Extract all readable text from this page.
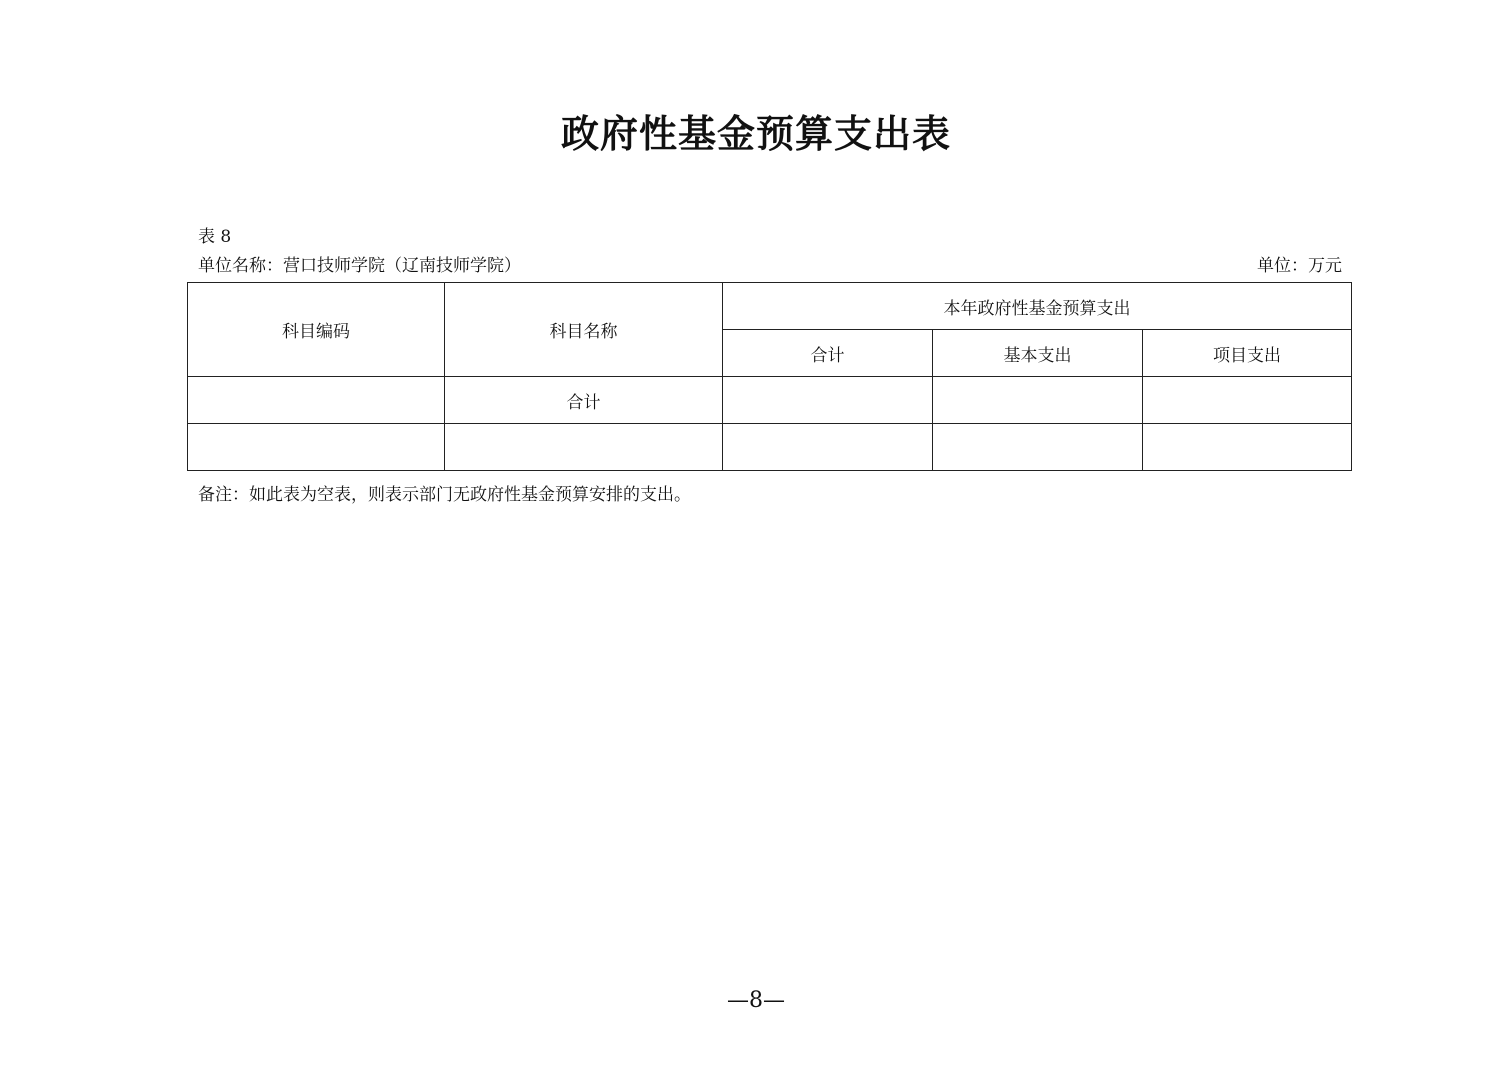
政府性基金预算支出表
表 8
单位名称：营口技师学院（辽南技师学院）	单位：万元
科目编码	科目名称	本年政府性基金预算支出		
		合计	基本支出	项目支出
	合计			

备注：如此表为空表，则表示部门无政府性基金预算安排的支出。
—8—
